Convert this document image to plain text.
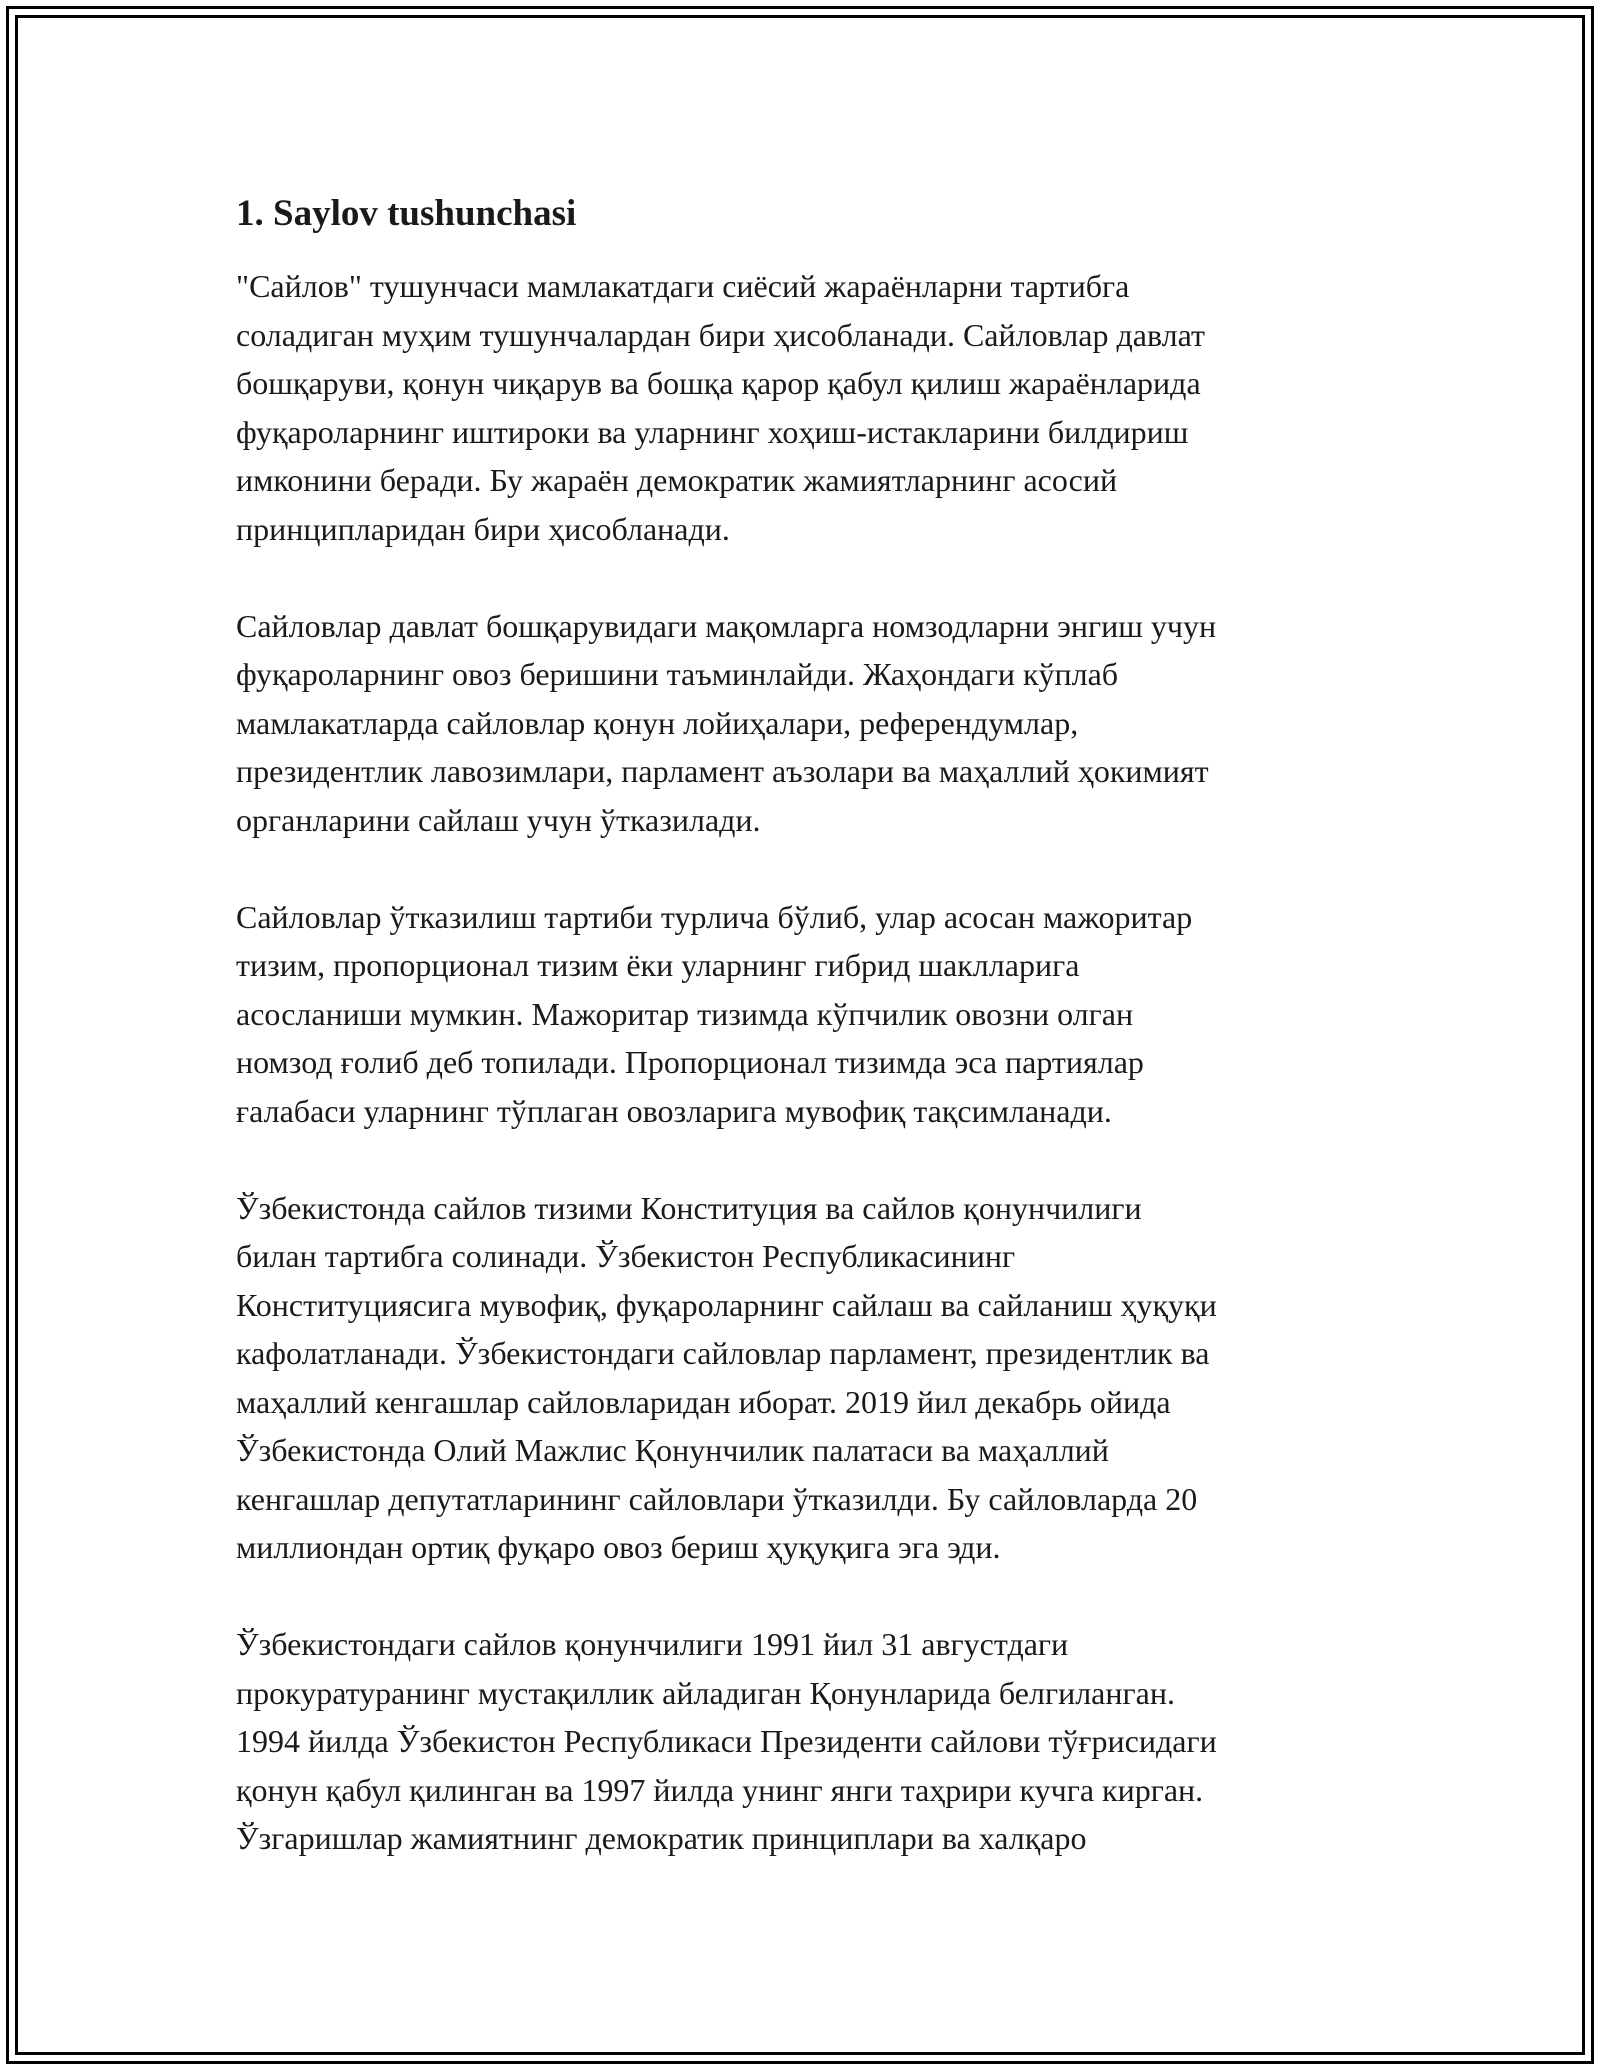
1. Saylov tushunchasi
"Сайлов" тушунчаси мамлакатдаги сиёсий жараёнларни тартибга
соладиган муҳим тушунчалардан бири ҳисобланади. Сайловлар давлат
бошқаруви, қонун чиқарув ва бошқа қарор қабул қилиш жараёнларида
фуқароларнинг иштироки ва уларнинг хоҳиш-истакларини билдириш
имконини беради. Бу жараён демократик жамиятларнинг асосий
принципларидан бири ҳисобланади.
Сайловлар давлат бошқарувидаги мақомларга номзодларни энгиш учун
фуқароларнинг овоз беришини таъминлайди. Жаҳондаги кўплаб
мамлакатларда сайловлар қонун лойиҳалари, референдумлар,
президентлик лавозимлари, парламент аъзолари ва маҳаллий ҳокимият
органларини сайлаш учун ўтказилади.
Сайловлар ўтказилиш тартиби турлича бўлиб, улар асосан мажоритар
тизим, пропорционал тизим ёки уларнинг гибрид шаклларига
асосланиши мумкин. Мажоритар тизимда кўпчилик овозни олган
номзод ғолиб деб топилади. Пропорционал тизимда эса партиялар
ғалабаси уларнинг тўплаган овозларига мувофиқ тақсимланади.
Ўзбекистонда сайлов тизими Конституция ва сайлов қонунчилиги
билан тартибга солинади. Ўзбекистон Республикасининг
Конституциясига мувофиқ, фуқароларнинг сайлаш ва сайланиш ҳуқуқи
кафолатланади. Ўзбекистондаги сайловлар парламент, президентлик ва
маҳаллий кенгашлар сайловларидан иборат. 2019 йил декабрь ойида
Ўзбекистонда Олий Мажлис Қонунчилик палатаси ва маҳаллий
кенгашлар депутатларининг сайловлари ўтказилди. Бу сайловларда 20
миллиондан ортиқ фуқаро овоз бериш ҳуқуқига эга эди.
Ўзбекистондаги сайлов қонунчилиги 1991 йил 31 августдаги
прокуратуранинг мустақиллик айладиган Қонунларида белгиланган.
1994 йилда Ўзбекистон Республикаси Президенти сайлови тўғрисидаги
қонун қабул қилинган ва 1997 йилда унинг янги таҳрири кучга кирган.
Ўзгаришлар жамиятнинг демократик принциплари ва халқаро
